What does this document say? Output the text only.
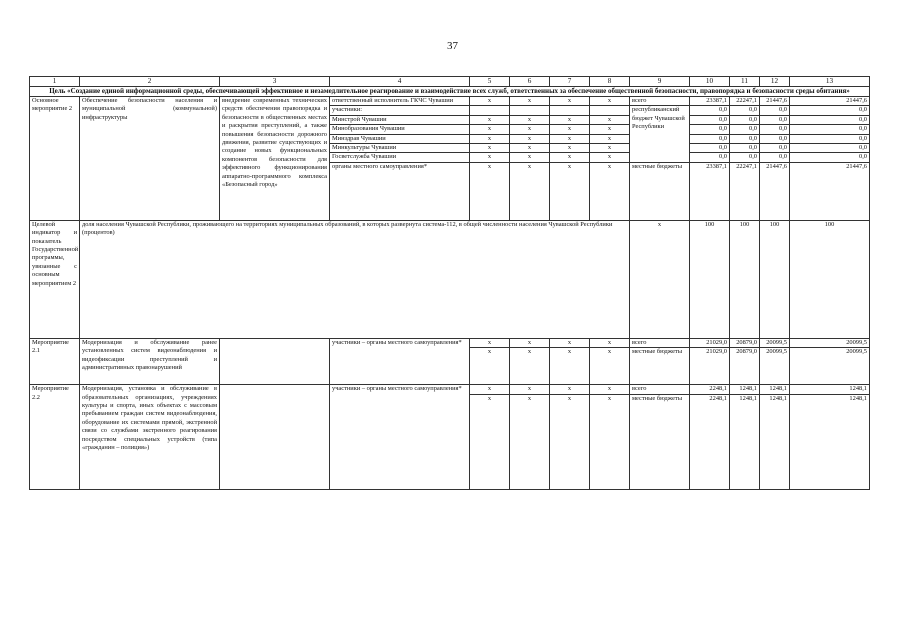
37
1	2	3	4	5	6	7	8	9	10	11	12	13
Цель «Создание единой информационной среды, обеспечивающей эффективное и незамедлительное реагирование и взаимодействие всех служб, ответственных за обеспечение общественной безопасности, правопорядка и безопасности среды обитания»												
Основное мероприятие 2	Обеспечение безопасности населения и муниципальной (коммунальной) инфраструктуры	внедрение современных технических средств обеспечения правопорядка и безопасности в общественных местах и раскрытия преступлений, а также повышения безопасности дорожного движения, развитие существующих и создание новых функциональных компонентов безопасности для эффективного функционирования аппаратно-программного комплекса «Безопасный город»	ответственный исполнитель ГКЧС Чувашии	x	x	x	x	всего	23387,1	22247,1	21447,6	21447,6
			участники:					республиканский бюджет Чувашской Республики	0,0	0,0	0,0	0,0
			Минстрой Чувашии	x	x	x	x		0,0	0,0	0,0	0,0
			Минобразования Чувашии	x	x	x	x		0,0	0,0	0,0	0,0
			Минздрав Чувашии	x	x	x	x		0,0	0,0	0,0	0,0
			Минкультуры Чувашии	x	x	x	x		0,0	0,0	0,0	0,0
			Госветслужба Чувашии	x	x	x	x		0,0	0,0	0,0	0,0
			органы местного самоуправления*	x	x	x	x	местные бюджеты	23387,1	22247,1	21447,6	21447,6
Целевой индикатор и показатель Государственной программы, увязанные с основным мероприятием 2	доля населения Чувашской Республики, проживающего на территориях муниципальных образований, в которых развернута система-112, в общей численности населения Чувашской Республики (процентов)							x	100	100	100	100
Мероприятие 2.1	Модернизация и обслуживание ранее установленных систем видеонаблюдения и видеофиксации преступлений и административных правонарушений		участники – органы местного самоуправления*	x	x	x	x	всего	21029,0	20879,0	20099,5	20099,5
				x	x	x	x	местные бюджеты	21029,0	20879,0	20099,5	20099,5
Мероприятие 2.2	Модернизация, установка и обслуживание в образовательных организациях, учреждениях культуры и спорта, иных объектах с массовым пребыванием граждан систем видеонаблюдения, оборудование их системами прямой, экстренной связи со службами экстренного реагирования посредством специальных устройств (типа «гражданин – полиция»)		участники – органы местного самоуправления*	x	x	x	x	всего	2248,1	1248,1	1248,1	1248,1
				x	x	x	x	местные бюджеты	2248,1	1248,1	1248,1	1248,1
